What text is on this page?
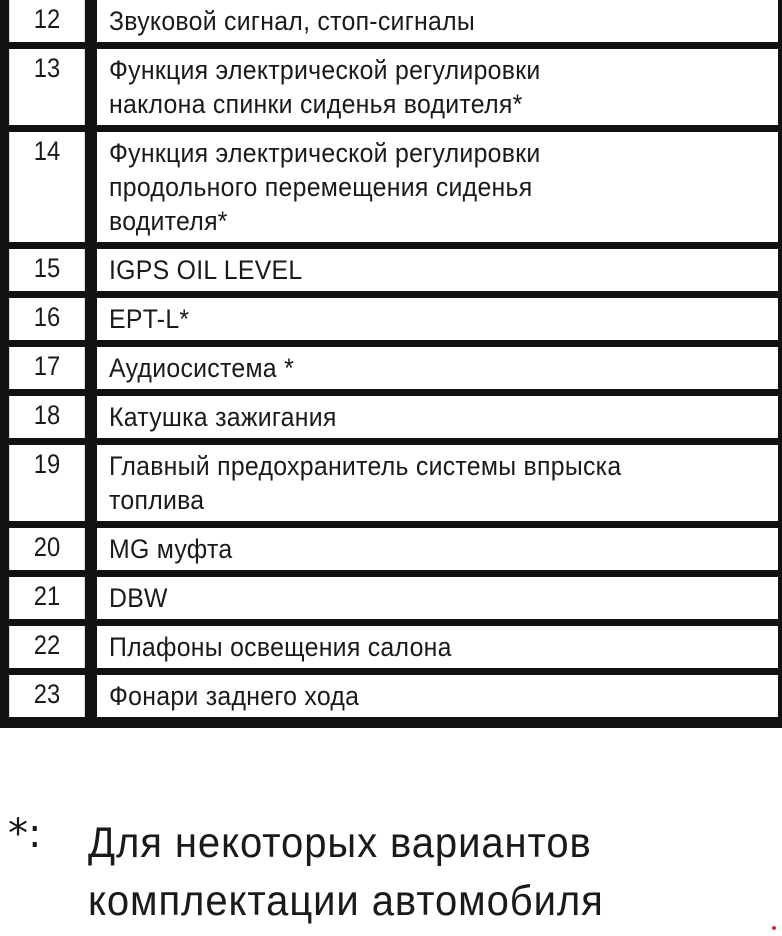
12	Звуковой сигнал, стоп-сигналы
13	Функция электрической регулировки
наклона спинки сиденья водителя*
14	Функция электрической регулировки
продольного перемещения сиденья
водителя*
15	IGPS OIL LEVEL
16	EPT-L*
17	Аудиосистема *
18	Катушка зажигания
19	Главный предохранитель системы впрыска
топлива
20	MG муфта
21	DBW
22	Плафоны освещения салона
23	Фонари заднего хода
*: Для некоторых вариантов
комплектации автомобиля
